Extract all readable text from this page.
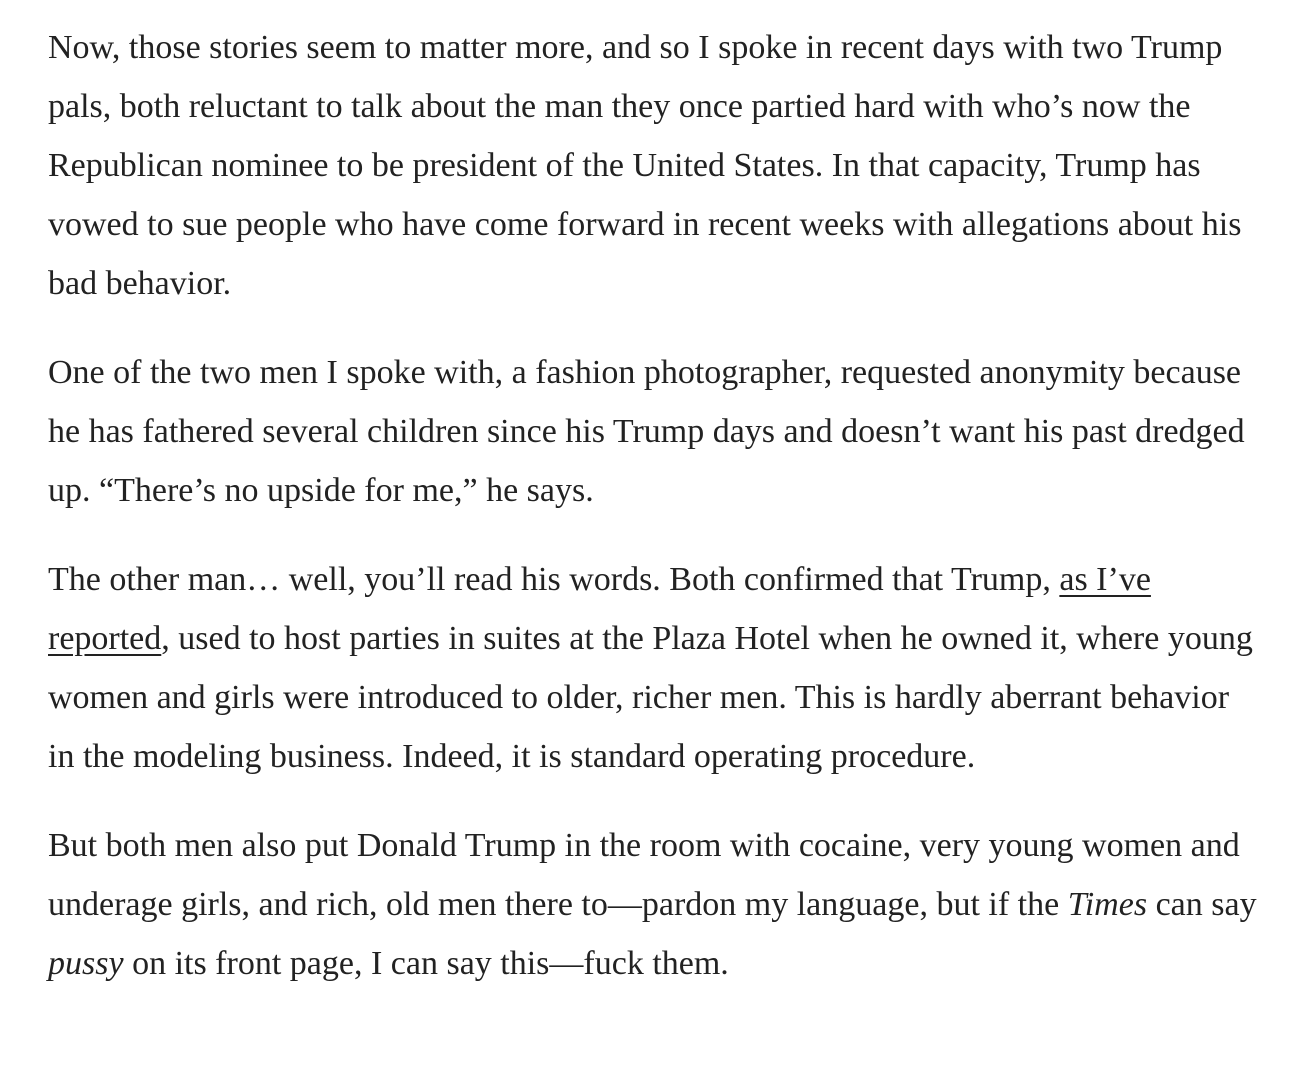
Now, those stories seem to matter more, and so I spoke in recent days with two Trump pals, both reluctant to talk about the man they once partied hard with who’s now the Republican nominee to be president of the United States. In that capacity, Trump has vowed to sue people who have come forward in recent weeks with allegations about his bad behavior.

One of the two men I spoke with, a fashion photographer, requested anonymity because he has fathered several children since his Trump days and doesn’t want his past dredged up. “There’s no upside for me,” he says.

The other man… well, you’ll read his words. Both confirmed that Trump, as I’ve reported, used to host parties in suites at the Plaza Hotel when he owned it, where young women and girls were introduced to older, richer men. This is hardly aberrant behavior in the modeling business. Indeed, it is standard operating procedure.

But both men also put Donald Trump in the room with cocaine, very young women and underage girls, and rich, old men there to—pardon my language, but if the Times can say pussy on its front page, I can say this—fuck them.
